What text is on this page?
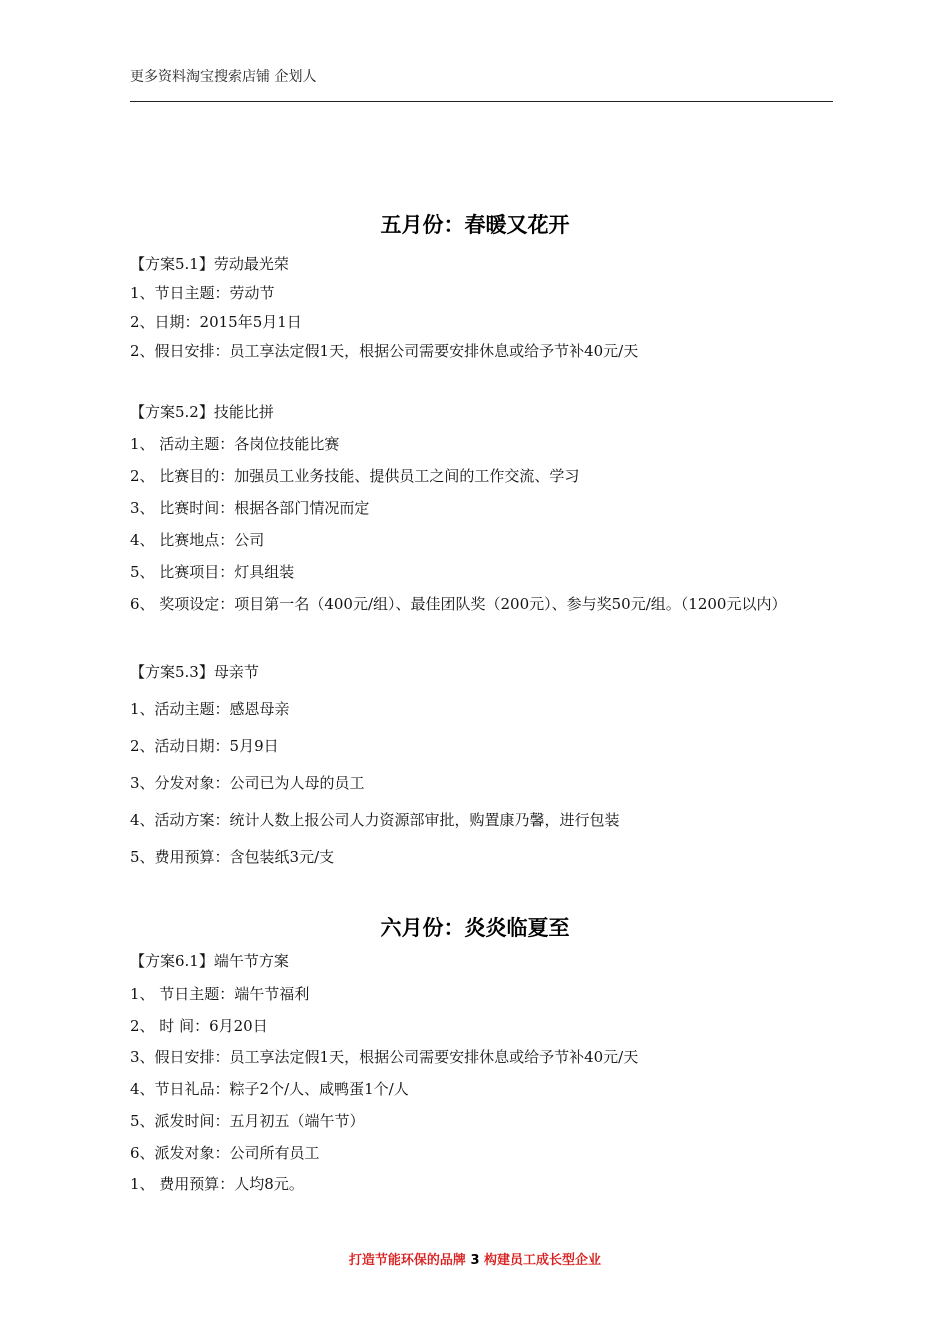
更多资料淘宝搜索店铺 企划人
五月份：春暖又花开
【方案5.1】劳动最光荣
1、节日主题：劳动节
2、日期：2015年5月1日
2、假日安排：员工享法定假1天，根据公司需要安排休息或给予节补40元/天
【方案5.2】技能比拼
1、 活动主题：各岗位技能比赛
2、 比赛目的：加强员工业务技能、提供员工之间的工作交流、学习
3、 比赛时间：根据各部门情况而定
4、 比赛地点：公司
5、 比赛项目：灯具组装
6、 奖项设定：项目第一名（400元/组）、最佳团队奖（200元）、参与奖50元/组。（1200元以内）
【方案5.3】母亲节
1、活动主题：感恩母亲
2、活动日期：5月9日
3、分发对象：公司已为人母的员工
4、活动方案：统计人数上报公司人力资源部审批，购置康乃馨，进行包装
5、费用预算：含包装纸3元/支
六月份：炎炎临夏至
【方案6.1】端午节方案
1、 节日主题：端午节福利
2、 时 间：6月20日
3、假日安排：员工享法定假1天，根据公司需要安排休息或给予节补40元/天
4、节日礼品：粽子2个/人、咸鸭蛋1个/人
5、派发时间：五月初五（端午节）
6、派发对象：公司所有员工
1、 费用预算：人均8元。
打造节能环保的品牌 3 构建员工成长型企业
